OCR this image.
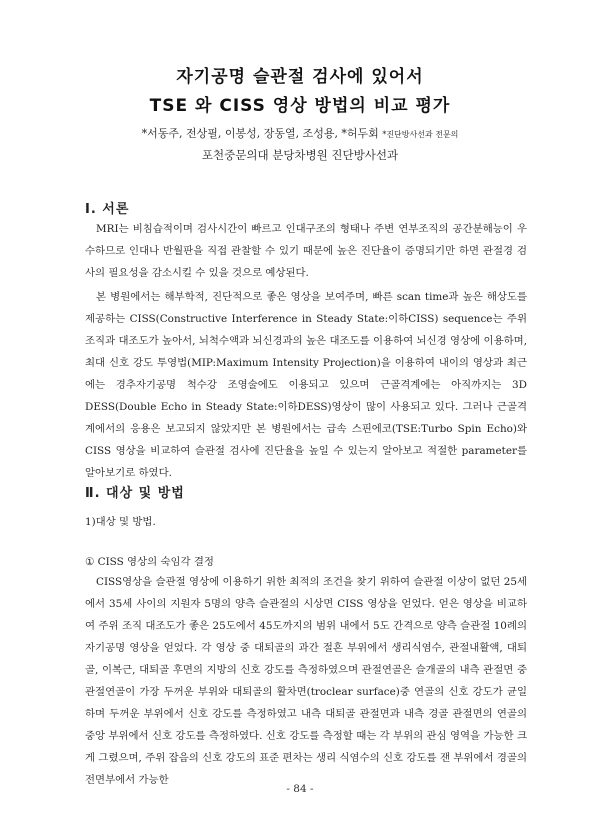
자기공명 슬관절 검사에 있어서
TSE 와 CISS 영상 방법의 비교 평가
*서동주, 전상필, 이봉성, 장동열, 조성용, *허두회 *진단방사선과 전문의
포천중문의대 분당차병원 진단방사선과
Ⅰ. 서론

MRI는 비침습적이며 검사시간이 빠르고 인대구조의 형태나 주변 연부조직의 공간분해능이 우수하므로 인대나 반월판을 직접 관찰할 수 있기 때문에 높은 진단율이 증명되기만 하면 관절경 검사의 필요성을 감소시킬 수 있을 것으로 예상된다.

본 병원에서는 해부학적, 진단적으로 좋은 영상을 보여주며, 빠른 scan time과 높은 해상도를 제공하는 CISS(Constructive Interference in Steady State:이하CISS) sequence는 주위조직과 대조도가 높아서, 뇌척수액과 뇌신경과의 높은 대조도를 이용하여 뇌신경 영상에 이용하며, 최대 신호 강도 투영법(MIP:Maximum Intensity Projection)을 이용하여 내이의 영상과 최근에는 경추자기공명 척수강 조영술에도 이용되고 있으며 근골격계에는 아직까지는 3D DESS(Double Echo in Steady State:이하DESS)영상이 많이 사용되고 있다. 그러나 근골격계에서의 응용은 보고되지 않았지만 본 병원에서는 급속 스핀에코(TSE:Turbo Spin Echo)와 CISS 영상을 비교하여 슬관절 검사에 진단율을 높일 수 있는지 알아보고 적절한 parameter를 알아보기로 하였다.

Ⅱ. 대상 및 방법

1)대상 및 방법.

① CISS 영상의 숙임각 결정

CISS영상을 슬관절 영상에 이용하기 위한 최적의 조건을 찾기 위하여 슬관절 이상이 없던 25세에서 35세 사이의 지원자 5명의 양측 슬관절의 시상면 CISS 영상을 얻었다. 얻은 영상을 비교하여 주위 조직 대조도가 좋은 25도에서 45도까지의 범위 내에서 5도 간격으로 양측 슬관절 10례의 자기공명 영상을 얻었다. 각 영상 중 대퇴골의 과간 절흔 부위에서 생리식염수, 관절내활액, 대퇴골, 이복근, 대퇴골 후면의 지방의 신호 강도를 측정하였으며 관절연골은 슬개골의 내측 관절면 중 관절연골이 가장 두꺼운 부위와 대퇴골의 활차면(troclear surface)중 연골의 신호 강도가 균일하며 두꺼운 부위에서 신호 강도를 측정하였고 내측 대퇴골 관절면과 내측 경골 관절면의 연골의 중앙 부위에서 신호 강도를 측정하였다. 신호 강도를 측정할 때는 각 부위의 관심 영역을 가능한 크게 그렸으며, 주위 잡음의 신호 강도의 표준 편차는 생리 식염수의 신호 강도를 잰 부위에서 경골의 전면부에서 가능한

- 84 -
